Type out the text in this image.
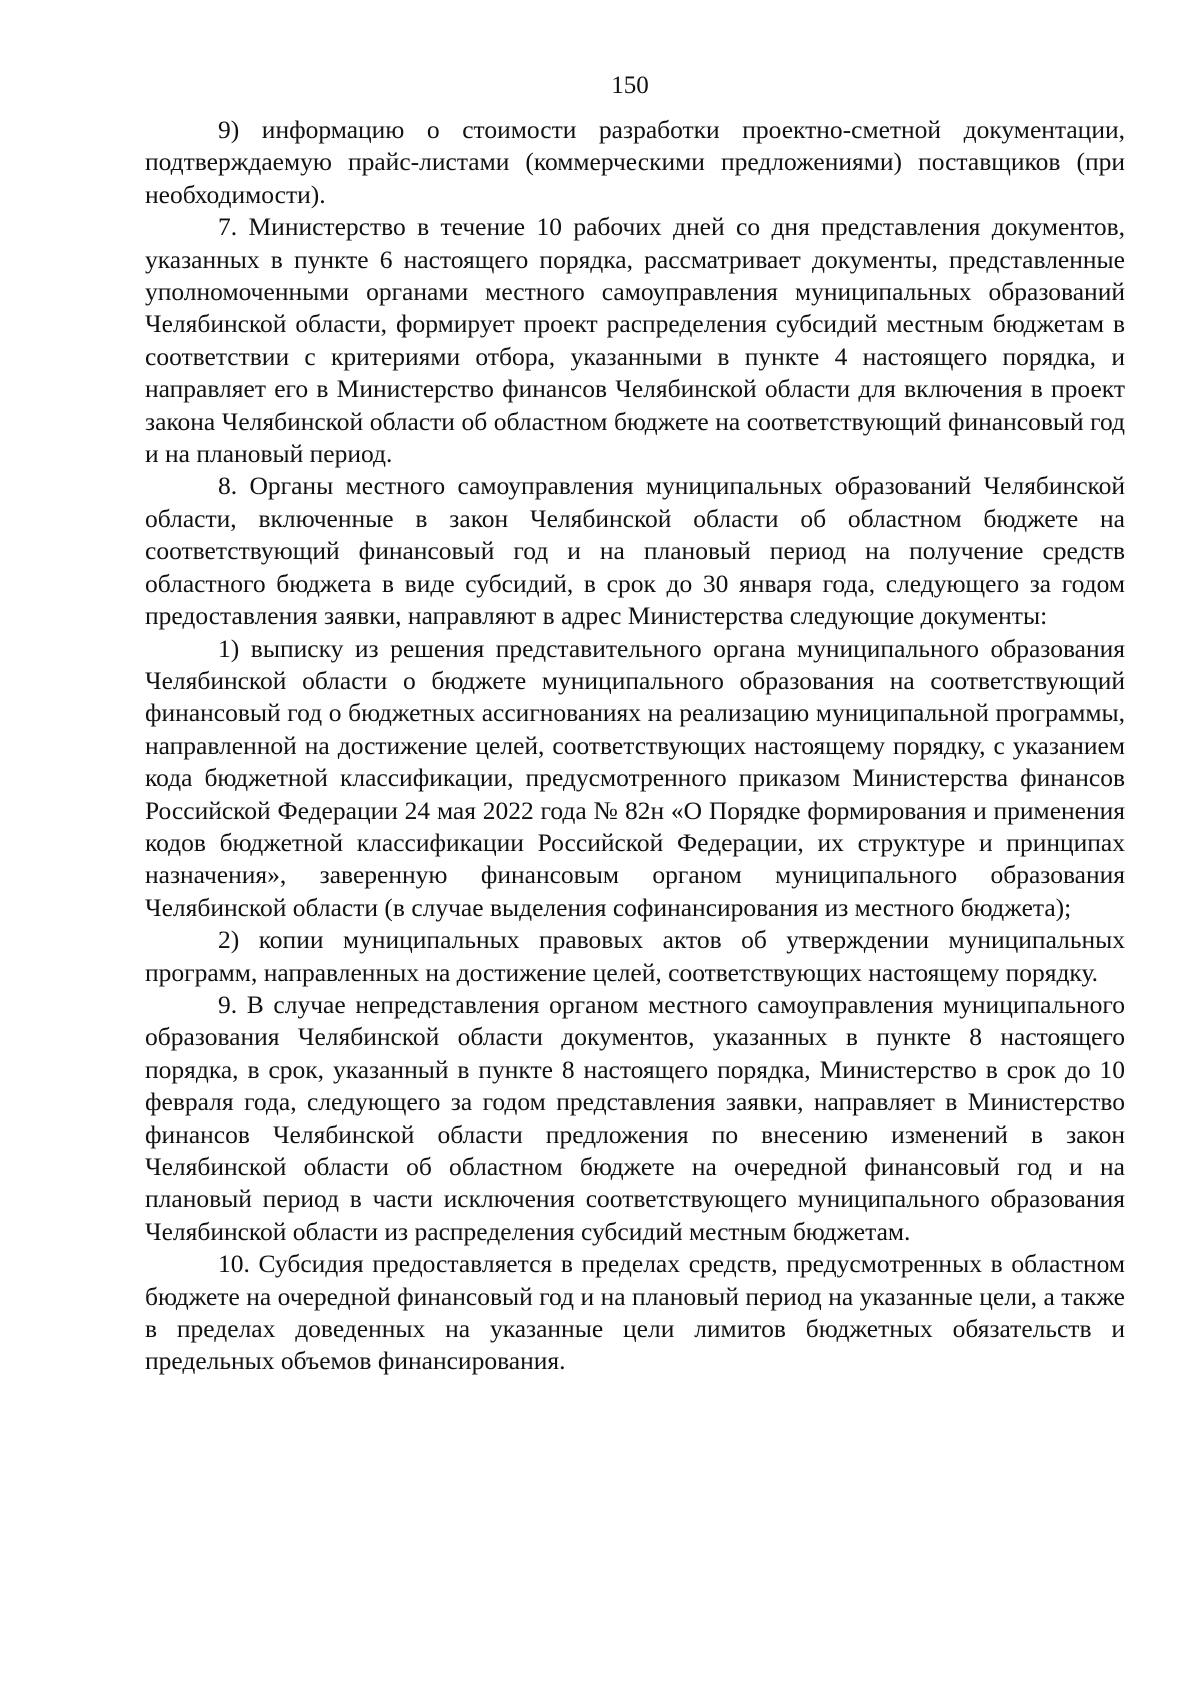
150

9) информацию о стоимости разработки проектно-сметной документации, подтверждаемую прайс-листами (коммерческими предложениями) поставщиков (при необходимости).

7. Министерство в течение 10 рабочих дней со дня представления документов, указанных в пункте 6 настоящего порядка, рассматривает документы, представленные уполномоченными органами местного самоуправления муниципальных образований Челябинской области, формирует проект распределения субсидий местным бюджетам в соответствии с критериями отбора, указанными в пункте 4 настоящего порядка, и направляет его в Министерство финансов Челябинской области для включения в проект закона Челябинской области об областном бюджете на соответствующий финансовый год и на плановый период.

8. Органы местного самоуправления муниципальных образований Челябинской области, включенные в закон Челябинской области об областном бюджете на соответствующий финансовый год и на плановый период на получение средств областного бюджета в виде субсидий, в срок до 30 января года, следующего за годом предоставления заявки, направляют в адрес Министерства следующие документы:

1) выписку из решения представительного органа муниципального образования Челябинской области о бюджете муниципального образования на соответствующий финансовый год о бюджетных ассигнованиях на реализацию муниципальной программы, направленной на достижение целей, соответствующих настоящему порядку, с указанием кода бюджетной классификации, предусмотренного приказом Министерства финансов Российской Федерации 24 мая 2022 года № 82н «О Порядке формирования и применения кодов бюджетной классификации Российской Федерации, их структуре и принципах назначения», заверенную финансовым органом муниципального образования Челябинской области (в случае выделения софинансирования из местного бюджета);

2) копии муниципальных правовых актов об утверждении муниципальных программ, направленных на достижение целей, соответствующих настоящему порядку.

9. В случае непредставления органом местного самоуправления муниципального образования Челябинской области документов, указанных в пункте 8 настоящего порядка, в срок, указанный в пункте 8 настоящего порядка, Министерство в срок до 10 февраля года, следующего за годом представления заявки, направляет в Министерство финансов Челябинской области предложения по внесению изменений в закон Челябинской области об областном бюджете на очередной финансовый год и на плановый период в части исключения соответствующего муниципального образования Челябинской области из распределения субсидий местным бюджетам.

10. Субсидия предоставляется в пределах средств, предусмотренных в областном бюджете на очередной финансовый год и на плановый период на указанные цели, а также в пределах доведенных на указанные цели лимитов бюджетных обязательств и предельных объемов финансирования.
